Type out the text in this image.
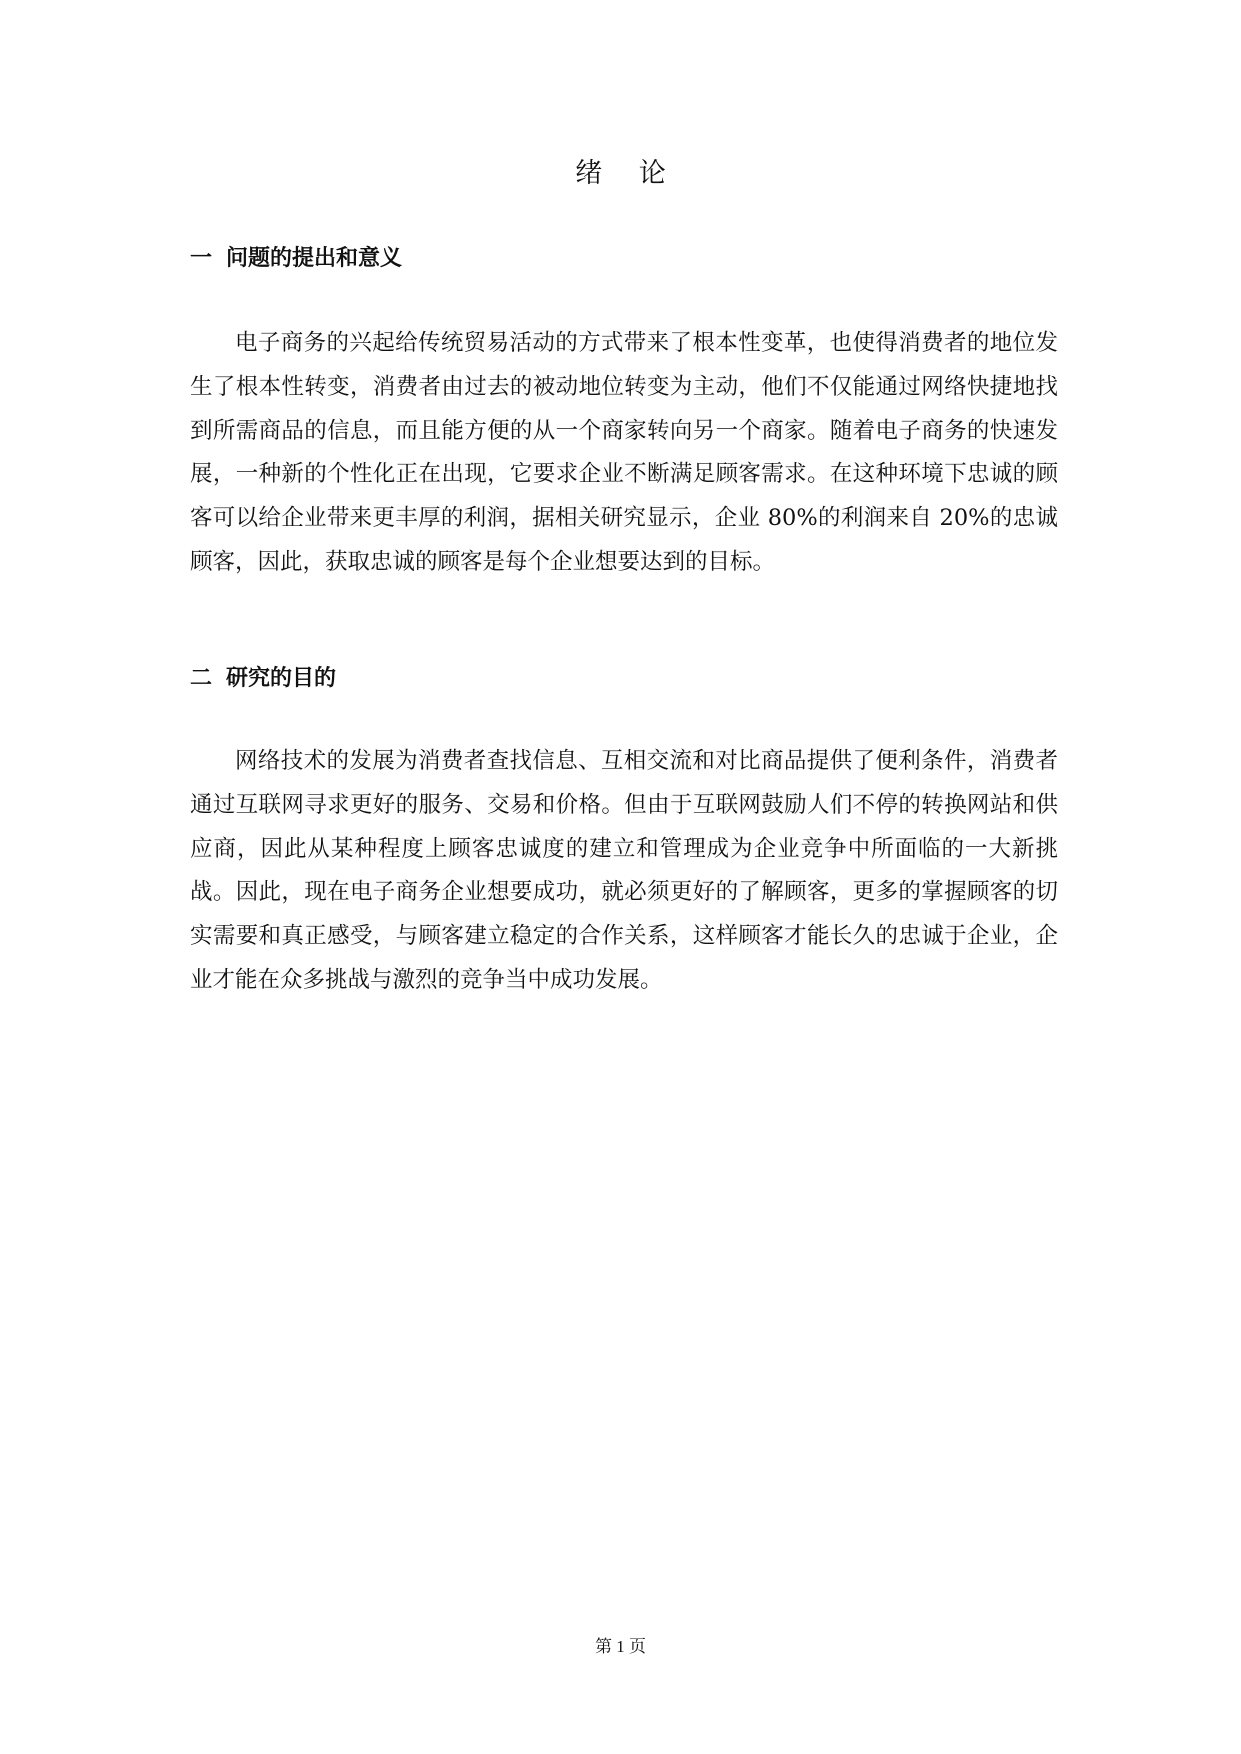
绪 论
一 问题的提出和意义

电子商务的兴起给传统贸易活动的方式带来了根本性变革，也使得消费者的地位发生了根本性转变，消费者由过去的被动地位转变为主动，他们不仅能通过网络快捷地找到所需商品的信息，而且能方便的从一个商家转向另一个商家。随着电子商务的快速发展，一种新的个性化正在出现，它要求企业不断满足顾客需求。在这种环境下忠诚的顾客可以给企业带来更丰厚的利润，据相关研究显示，企业 80%的利润来自 20%的忠诚顾客，因此，获取忠诚的顾客是每个企业想要达到的目标。

二 研究的目的

网络技术的发展为消费者查找信息、互相交流和对比商品提供了便利条件，消费者通过互联网寻求更好的服务、交易和价格。但由于互联网鼓励人们不停的转换网站和供应商，因此从某种程度上顾客忠诚度的建立和管理成为企业竞争中所面临的一大新挑战。因此，现在电子商务企业想要成功，就必须更好的了解顾客，更多的掌握顾客的切实需要和真正感受，与顾客建立稳定的合作关系，这样顾客才能长久的忠诚于企业，企业才能在众多挑战与激烈的竞争当中成功发展。

第 1 页
